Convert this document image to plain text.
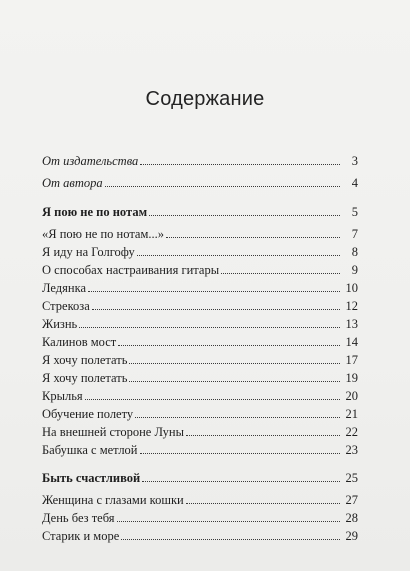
Содержание
От издательства	3
От автора	4
Я пою не по нотам	5
«Я пою не по нотам...»	7
Я иду на Голгофу	8
О способах настраивания гитары	9
Ледянка	10
Стрекоза	12
Жизнь	13
Калинов мост	14
Я хочу полетать	17
Я хочу полетать	19
Крылья	20
Обучение полету	21
На внешней стороне Луны	22
Бабушка с метлой	23
Быть счастливой	25
Женщина с глазами кошки	27
День без тебя	28
Старик и море	29
